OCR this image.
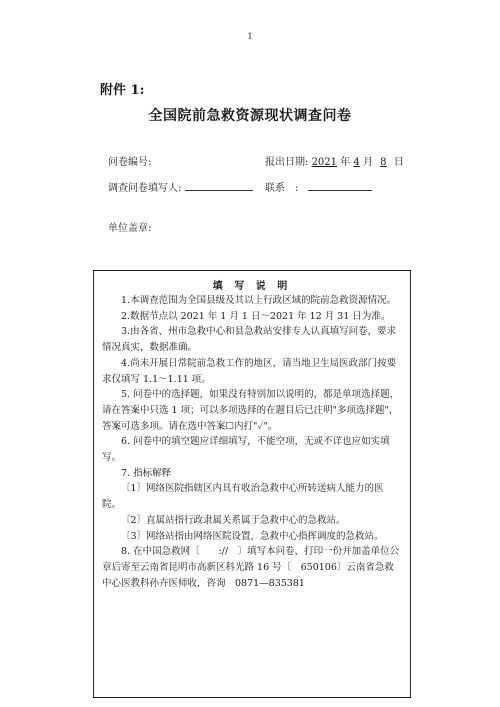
1
附件 1:
全国院前急救资源现状调查问卷
问卷编号:	报出日期: 2021 年 4 月 8 日
调查问卷填写人:	联系　:
单位盖章:
填 写 说 明

1.本调查范围为全国县级及其以上行政区域的院前急救资源情况。

2.数据节点以 2021 年 1 月 1 日～2021 年 12 月 31 日为准。

3.由各省、州市急救中心和县急救站安排专人认真填写问卷，要求情况真实，数据准确。

4.尚未开展日常院前急救工作的地区，请当地卫生局医政部门按要求仅填写 1.1～1.11 项。

5. 问卷中的选择题，如果没有特别加以说明的，都是单项选择题，请在答案中只选 1 项；可以多项选择的在题目后已注明"多项选择题"，答案可选多项。请在选中答案☐内打"✓"。

6. 问卷中的填空题应详细填写，不能空项，无或不详也应如实填写。

7. 指标解释

〔1〕网络医院指辖区内具有收治急救中心所转送病人能力的医院。

〔2〕直属站指行政隶属关系属于急救中心的急救站。

〔3〕网络站指由网络医院设置，急救中心指挥调度的急救站。

8. 在中国急救网〔　　://　〕填写本问卷，打印一份并加盖单位公章后寄至云南省昆明市高新区科光路 16 号〔　650106〕云南省急救中心医教科孙卉医师收，咨询　0871—835381
